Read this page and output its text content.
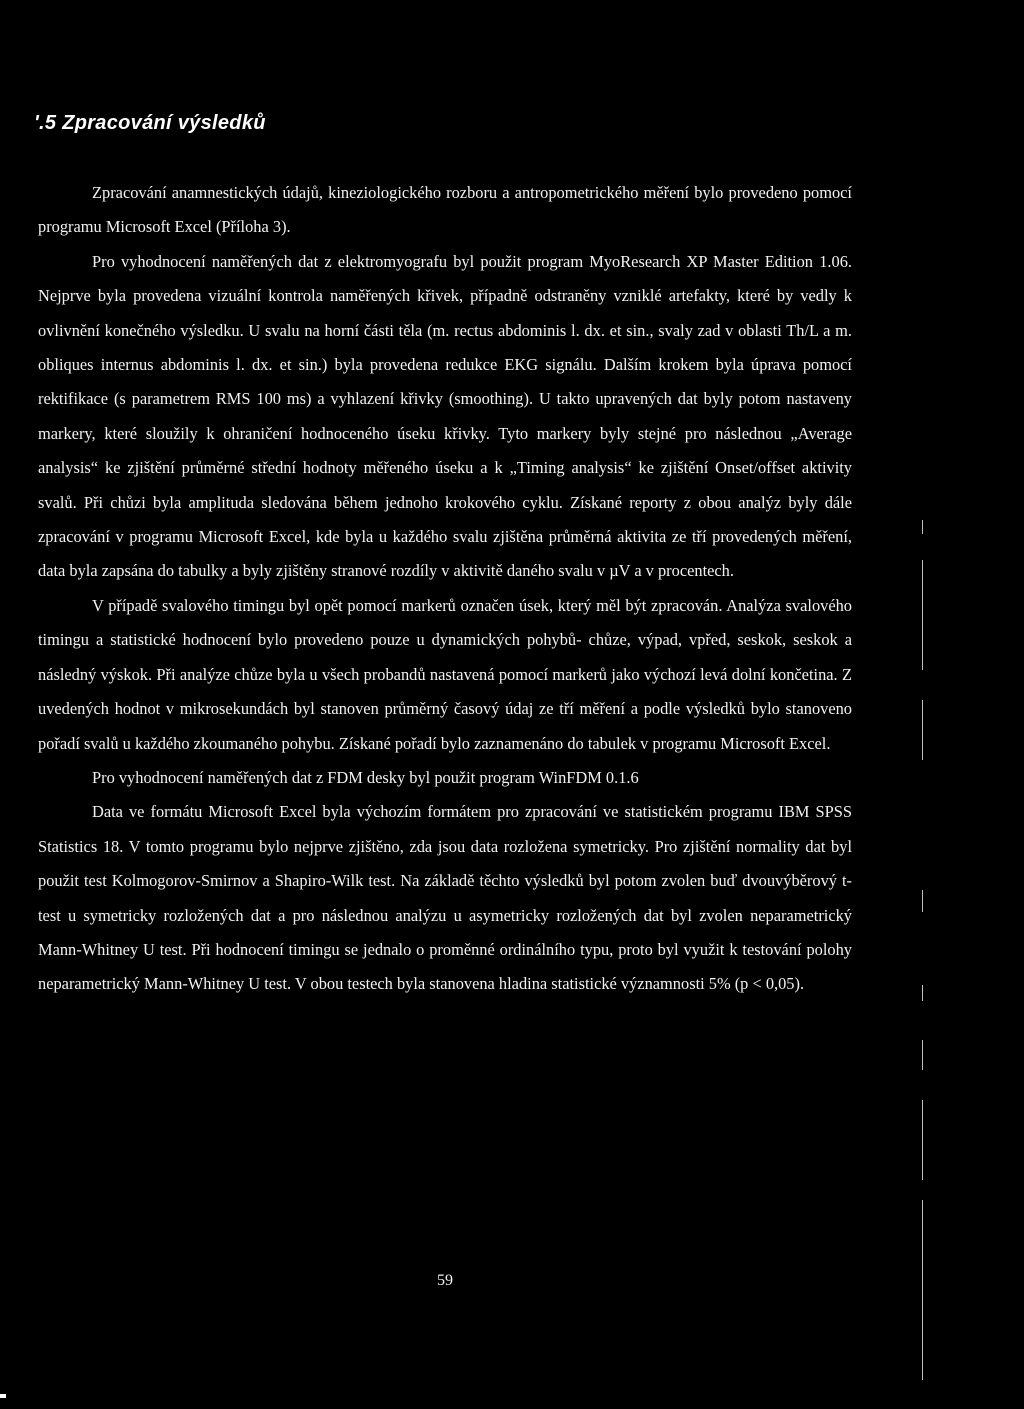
'.5 Zpracování výsledků

Zpracování anamnestických údajů, kineziologického rozboru a antropometrického měření bylo provedeno pomocí programu Microsoft Excel (Příloha 3).

Pro vyhodnocení naměřených dat z elektromyografu byl použit program MyoResearch XP Master Edition 1.06. Nejprve byla provedena vizuální kontrola naměřených křivek, případně odstraněny vzniklé artefakty, které by vedly k ovlivnění konečného výsledku. U svalu na horní části těla (m. rectus abdominis l. dx. et sin., svaly zad v oblasti Th/L a m. obliques internus abdominis l. dx. et sin.) byla provedena redukce EKG signálu. Dalším krokem byla úprava pomocí rektifikace (s parametrem RMS 100 ms) a vyhlazení křivky (smoothing). U takto upravených dat byly potom nastaveny markery, které sloužily k ohraničení hodnoceného úseku křivky. Tyto markery byly stejné pro následnou „Average analysis“ ke zjištění průměrné střední hodnoty měřeného úseku a k „Timing analysis“ ke zjištění Onset/offset aktivity svalů. Při chůzi byla amplituda sledována během jednoho krokového cyklu. Získané reporty z obou analýz byly dále zpracování v programu Microsoft Excel, kde byla u každého svalu zjištěna průměrná aktivita ze tří provedených měření, data byla zapsána do tabulky a byly zjištěny stranové rozdíly v aktivitě daného svalu v µV a v procentech.

V případě svalového timingu byl opět pomocí markerů označen úsek, který měl být zpracován. Analýza svalového timingu a statistické hodnocení bylo provedeno pouze u dynamických pohybů- chůze, výpad, vpřed, seskok, seskok a následný výskok. Při analýze chůze byla u všech probandů nastavená pomocí markerů jako výchozí levá dolní končetina. Z uvedených hodnot v mikrosekundách byl stanoven průměrný časový údaj ze tří měření a podle výsledků bylo stanoveno pořadí svalů u každého zkoumaného pohybu. Získané pořadí bylo zaznamenáno do tabulek v programu Microsoft Excel.

Pro vyhodnocení naměřených dat z FDM desky byl použit program WinFDM 0.1.6

Data ve formátu Microsoft Excel byla výchozím formátem pro zpracování ve statistickém programu IBM SPSS Statistics 18. V tomto programu bylo nejprve zjištěno, zda jsou data rozložena symetricky. Pro zjištění normality dat byl použit test Kolmogorov-Smirnov a Shapiro-Wilk test. Na základě těchto výsledků byl potom zvolen buď dvouvýběrový t-test u symetricky rozložených dat a pro následnou analýzu u asymetricky rozložených dat byl zvolen neparametrický Mann-Whitney U test. Při hodnocení timingu se jednalo o proměnné ordinálního typu, proto byl využit k testování polohy neparametrický Mann-Whitney U test. V obou testech byla stanovena hladina statistické významnosti 5% (p < 0,05).

59
